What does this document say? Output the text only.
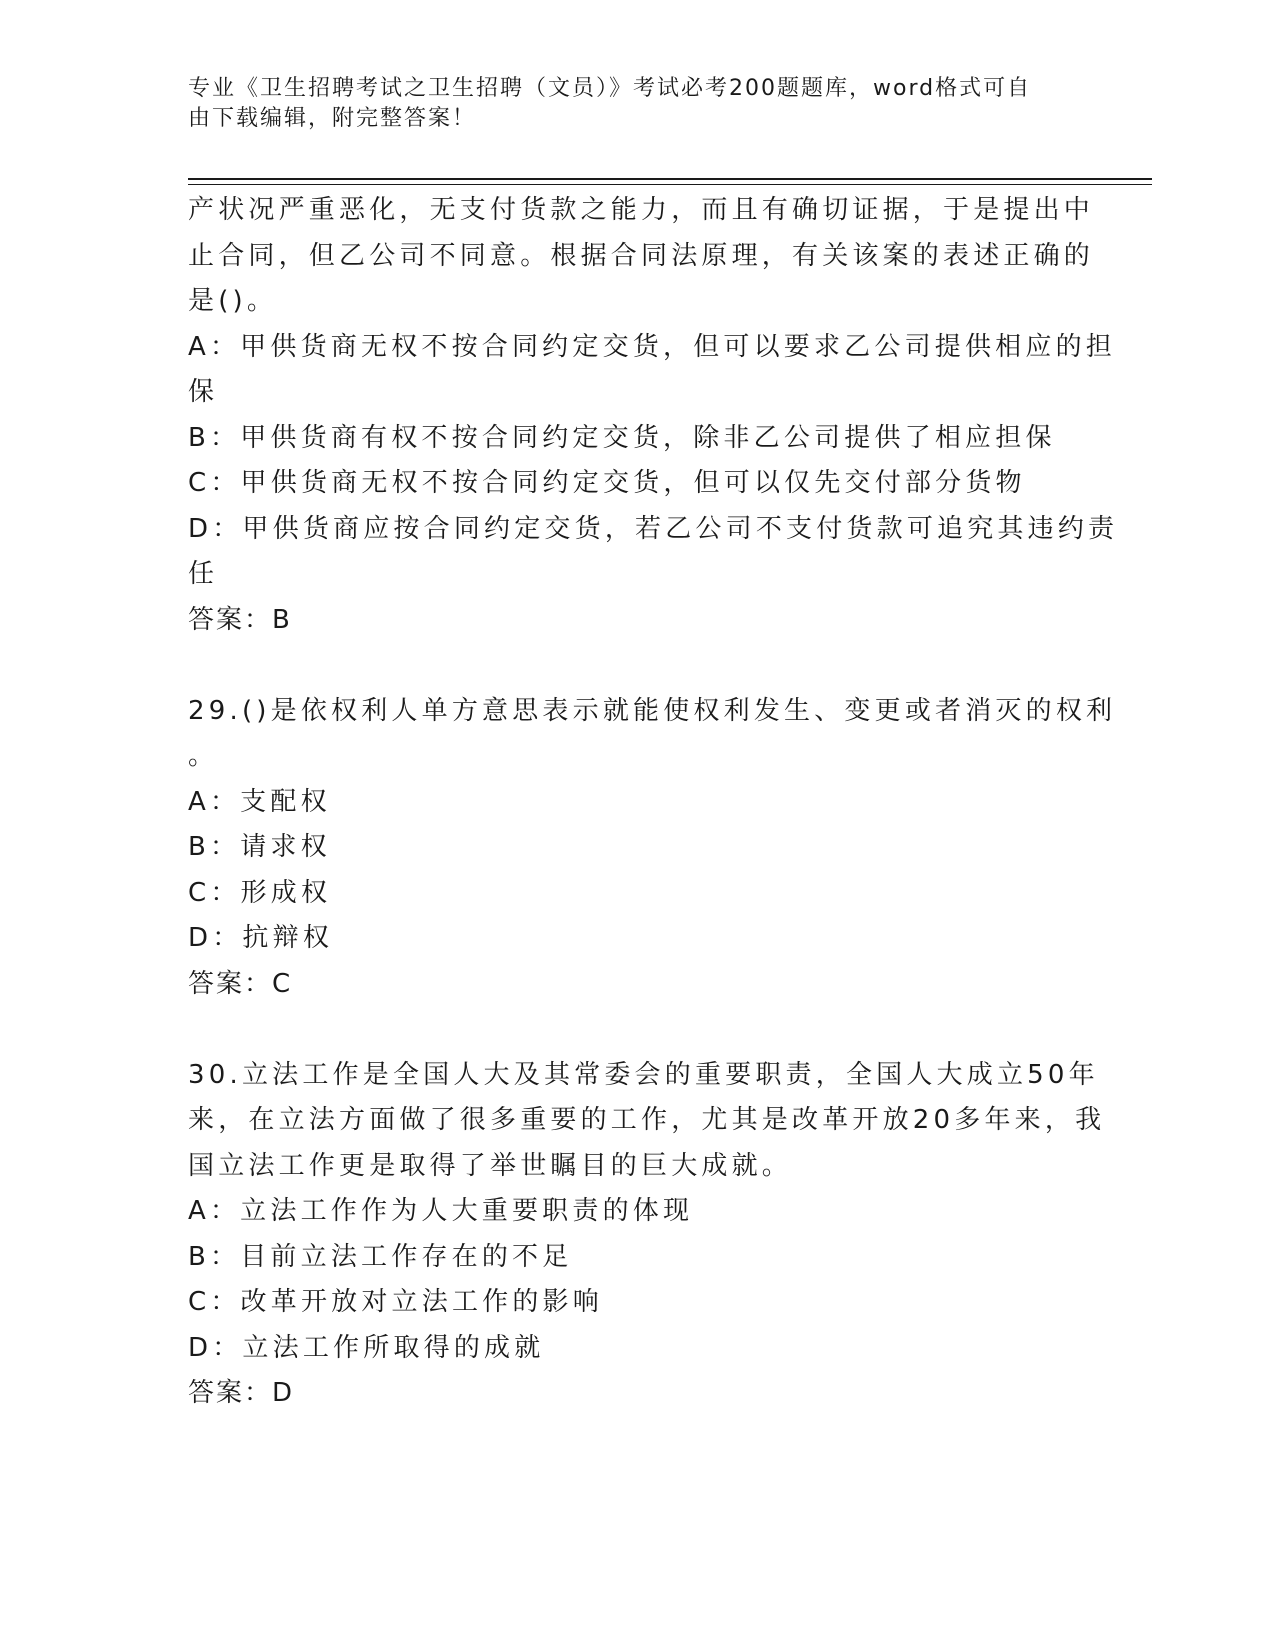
专业《卫生招聘考试之卫生招聘（文员）》考试必考200题题库，word格式可自

由下载编辑，附完整答案！

产状况严重恶化，无支付货款之能力，而且有确切证据，于是提出中
止合同，但乙公司不同意。根据合同法原理，有关该案的表述正确的
是()。
A：甲供货商无权不按合同约定交货，但可以要求乙公司提供相应的担
保
B：甲供货商有权不按合同约定交货，除非乙公司提供了相应担保
C：甲供货商无权不按合同约定交货，但可以仅先交付部分货物
D：甲供货商应按合同约定交货，若乙公司不支付货款可追究其违约责
任
答案：B
29.()是依权利人单方意思表示就能使权利发生、变更或者消灭的权利
。
A：支配权
B：请求权
C：形成权
D：抗辩权
答案：C
30.立法工作是全国人大及其常委会的重要职责，全国人大成立50年
来，在立法方面做了很多重要的工作，尤其是改革开放20多年来，我
国立法工作更是取得了举世瞩目的巨大成就。
A：立法工作作为人大重要职责的体现
B：目前立法工作存在的不足
C：改革开放对立法工作的影响
D：立法工作所取得的成就
答案：D
